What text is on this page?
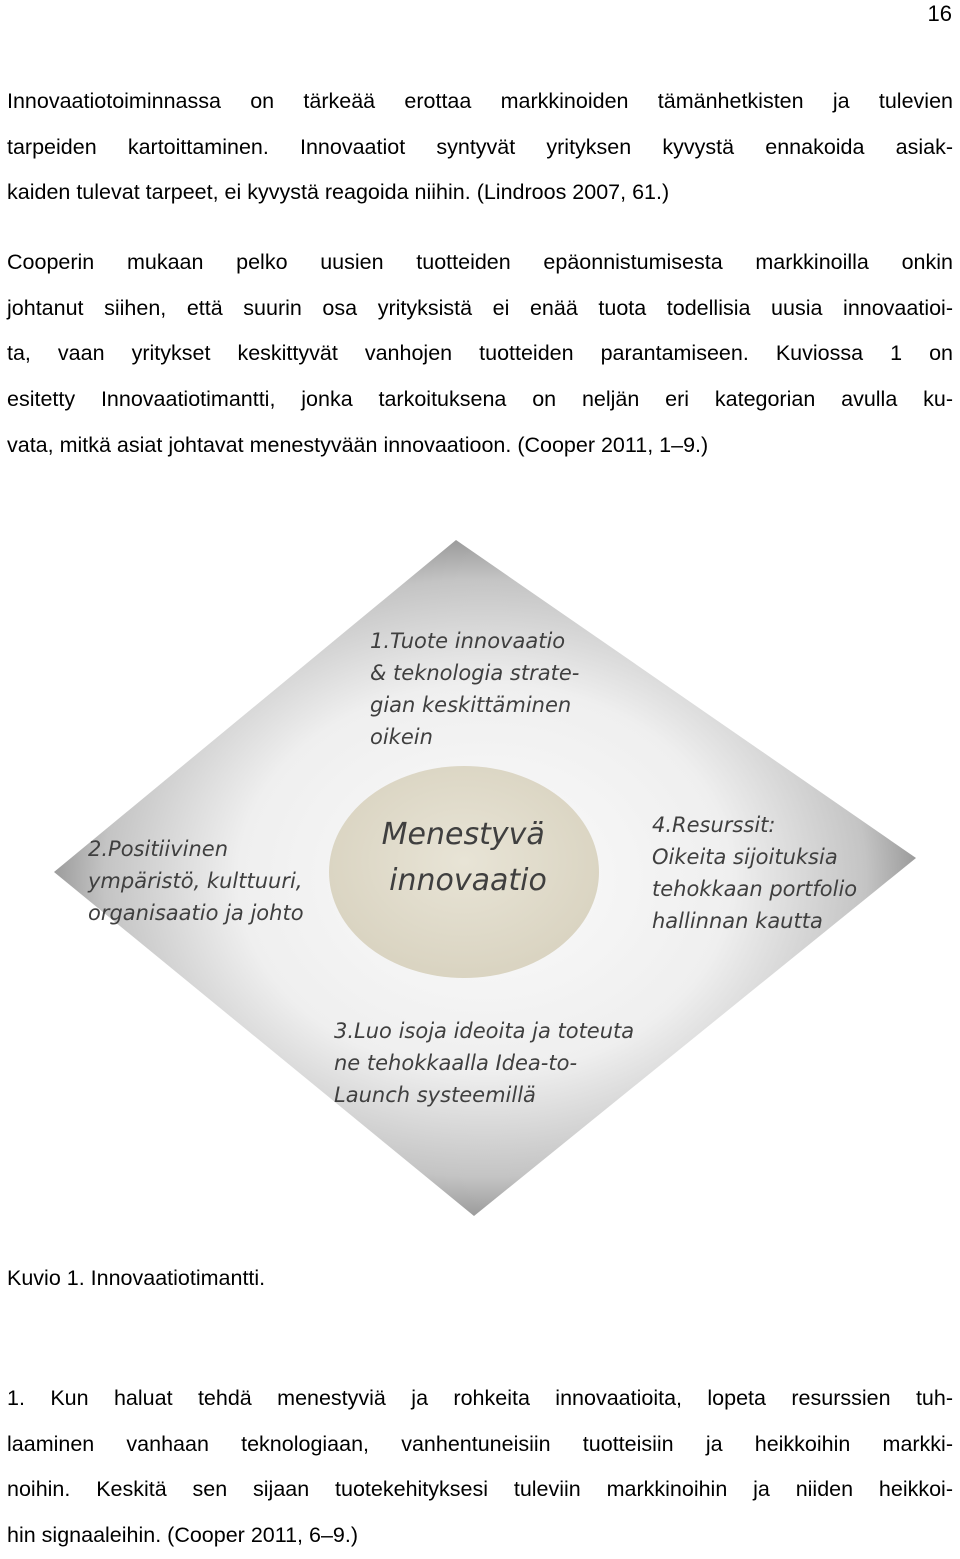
16

Innovaatiotoiminnassa on tärkeää erottaa markkinoiden tämänhetkisten ja tulevien
tarpeiden kartoittaminen. Innovaatiot syntyvät yrityksen kyvystä ennakoida asiak-
kaiden tulevat tarpeet, ei kyvystä reagoida niihin. (Lindroos 2007, 61.)

Cooperin mukaan pelko uusien tuotteiden epäonnistumisesta markkinoilla onkin
johtanut siihen, että suurin osa yrityksistä ei enää tuota todellisia uusia innovaatioi-
ta, vaan yritykset keskittyvät vanhojen tuotteiden parantamiseen. Kuviossa 1 on
esitetty Innovaatiotimantti, jonka tarkoituksena on neljän eri kategorian avulla ku-
vata, mitkä asiat johtavat menestyvään innovaatioon. (Cooper 2011, 1–9.)

Menestyvä innovaatio
1.Tuote innovaatio & teknologia strate- gian keskittäminen oikein
2.Positiivinen ympäristö, kulttuuri, organisaatio ja johto
4.Resurssit: Oikeita sijoituksia tehokkaan portfolio hallinnan kautta
3.Luo isoja ideoita ja toteuta ne tehokkaalla Idea-to- Launch systeemillä

Kuvio 1. Innovaatiotimantti.

1. Kun haluat tehdä menestyviä ja rohkeita innovaatioita, lopeta resurssien tuh-
laaminen vanhaan teknologiaan, vanhentuneisiin tuotteisiin ja heikkoihin markki-
noihin. Keskitä sen sijaan tuotekehityksesi tuleviin markkinoihin ja niiden heikkoi-
hin signaaleihin. (Cooper 2011, 6–9.)
